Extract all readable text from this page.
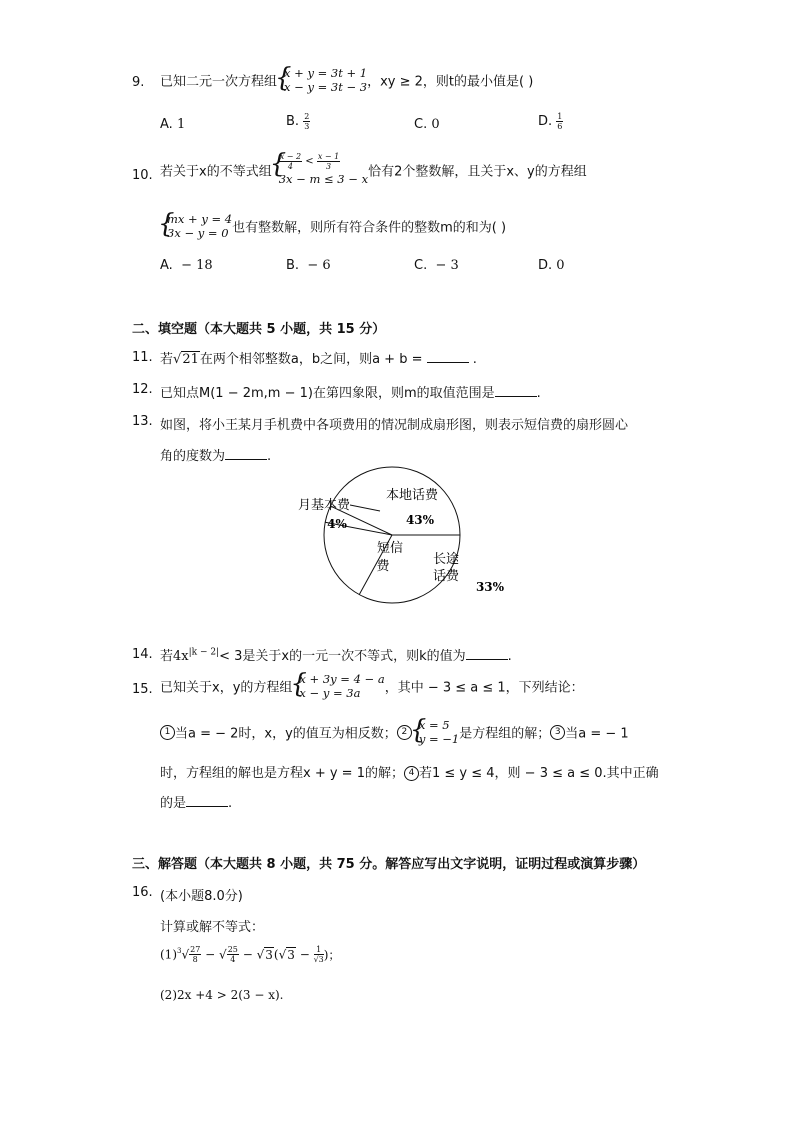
9. 已知二元一次方程组
{ x + y = 3t + 1
x − y = 3t − 3 ，xy ≥ 2，则t的最小值是( )
A. 1	B. $\frac{2}{3}$	C. 0	D. $\frac{1}{6}$
10. 若关于x的不等式组
{ $\frac{x - 2}{4} < \frac{x - 1}{3}$
3x − m ≤ 3 − x 恰有2个整数解，且关于x、y的方程组
{ mx + y = 4
3x − y = 0 也有整数解，则所有符合条件的整数m的和为( )
A. − 18	B. − 6	C. − 3	D. 0
二、填空题（本大题共 5 小题，共 15 分）
11. 若√21在两个相邻整数a，b之间，则a + b =	.
12. 已知点M(1 − 2m,m − 1)在第四象限，则m的取值范围是	.
13. 如图，将小王某月手机费中各项费用的情况制成扇形图，则表示短信费的扇形圆心
角的度数为	.
本地话费
43%
短信
费	长途
话费
33%
月基本费
4%
14. 若$4x^{|k - 2|}< 3$是关于x的一元一次不等式，则k的值为	.
15. 已知关于x，y的方程组
{ x + 3y = 4 − a
x − y = 3a	，其中 − 3 ≤ a ≤ 1，下列结论：
1 当a = − 2时，x，y的值互为相反数； 2
{ x = 5
y = −1 是方程组的解； 3 当a = − 1
时，方程组的解也是方程x + y = 1的解； 4 若1 ≤ y ≤ 4，则 − 3 ≤ a ≤ 0.其中正确
的是	.
三、解答题（本大题共 8 小题，共 75 分。解答应写出文字说明，证明过程或演算步骤）
16. (本小题8.0分)
计算或解不等式：
$(1)^3√ \frac{27}{8}$ − √ $\frac{25}{4} - √3(√3 - \frac{1}{√3}$ )；
(2)2x +4 > 2(3 − x).
